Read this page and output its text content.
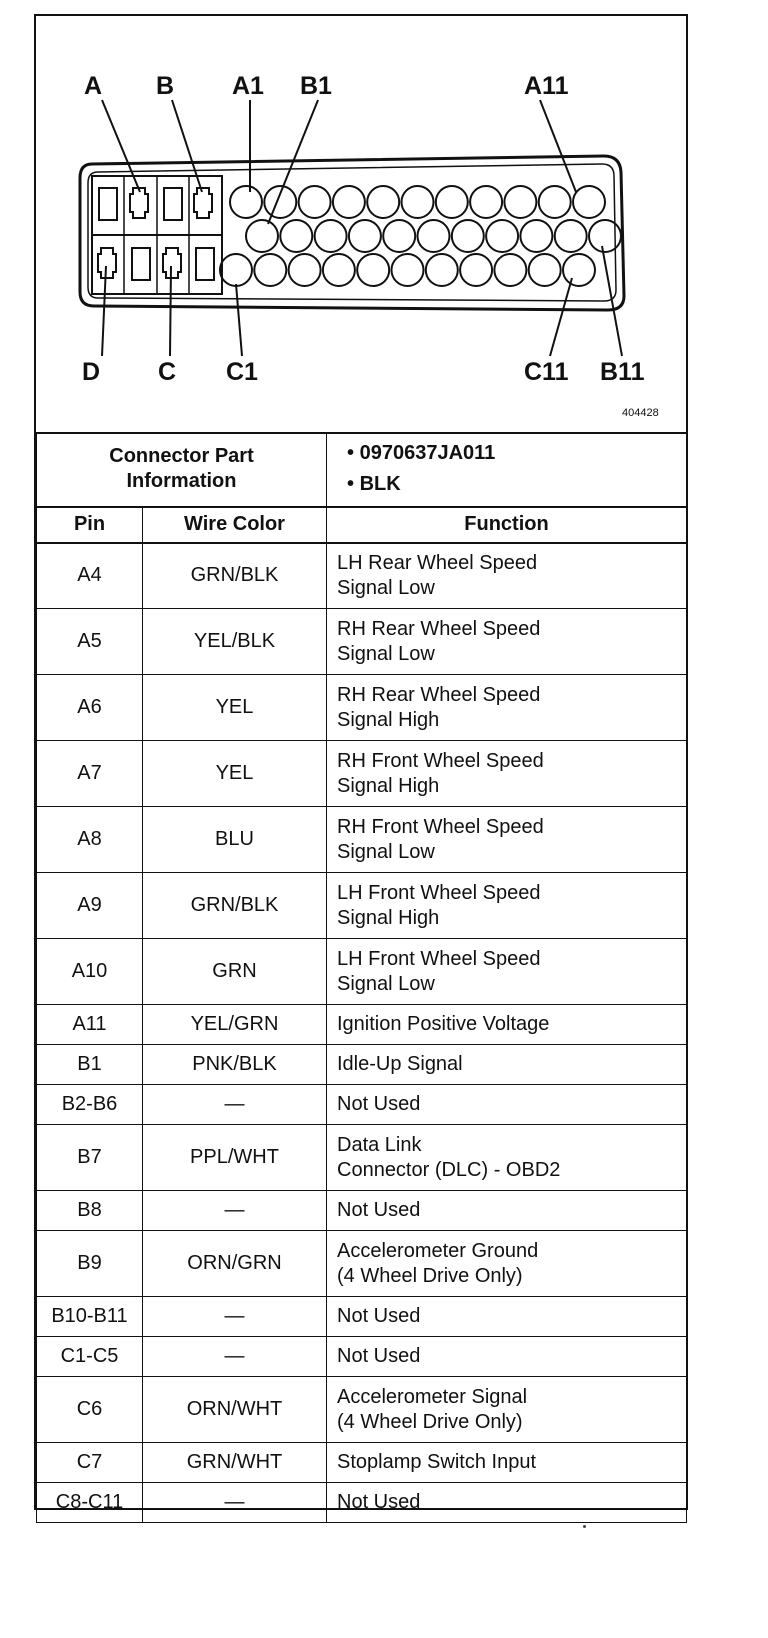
A B A1 B1	A11
D C C1	C11 B11
404428
Connector Part
Information		• 0970637JA011
• BLK

Pin	Wire Color	Function
A4	GRN/BLK	LH Rear Wheel Speed
Signal Low

A5	YEL/BLK	RH Rear Wheel Speed
Signal Low

A6	YEL	RH Rear Wheel Speed
Signal High

A7	YEL	RH Front Wheel Speed
Signal High

A8	BLU	RH Front Wheel Speed
Signal Low

A9	GRN/BLK	LH Front Wheel Speed
Signal High

A10	GRN	LH Front Wheel Speed
Signal Low

A11	YEL/GRN	Ignition Positive Voltage

B1	PNK/BLK	Idle-Up Signal

B2-B6	—	Not Used

B7	PPL/WHT	Data Link
Connector (DLC) - OBD2

B8	—	Not Used

B9	ORN/GRN	Accelerometer Ground
(4 Wheel Drive Only)

B10-B11	—	Not Used

C1-C5	—	Not Used

C6	ORN/WHT	Accelerometer Signal
(4 Wheel Drive Only)

C7	GRN/WHT	Stoplamp Switch Input

C8-C11	—	Not Used
